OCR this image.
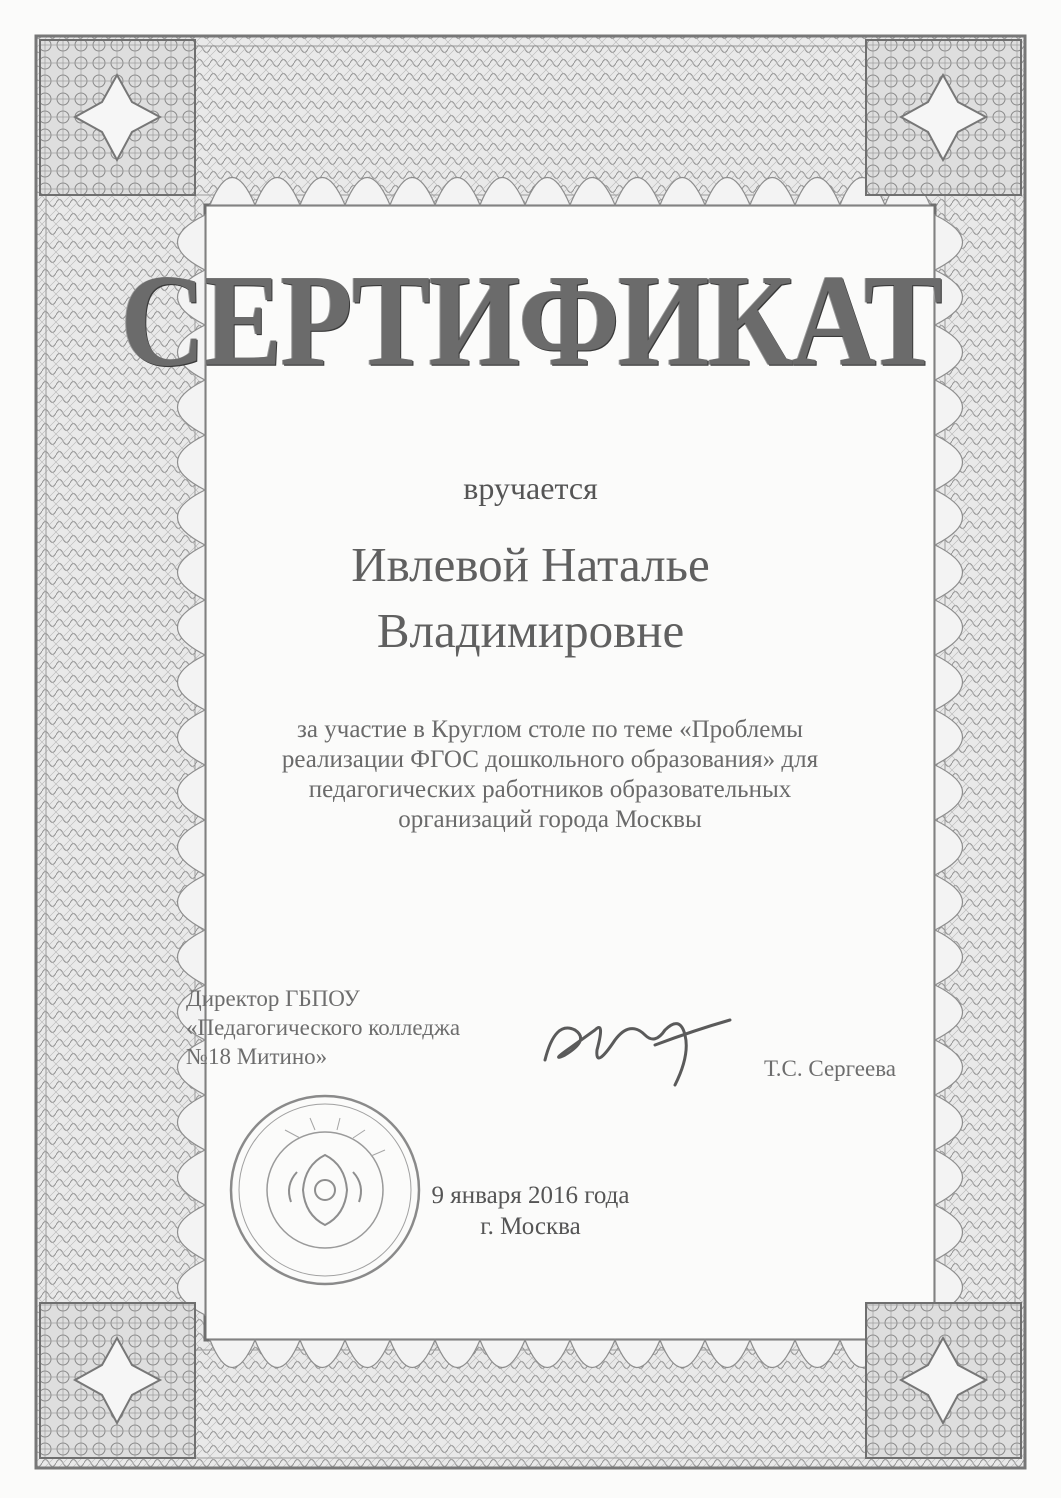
СЕРТИФИКАТ

вручается

Ивлевой Наталье

Владимировне

за участие в Круглом столе по теме «Проблемы
реализации ФГОС дошкольного образования» для
педагогических работников образовательных
организаций города Москвы

Директор ГБПОУ

«Педагогического колледжа

№18 Митино»	Т.С. Сергеева

9 января 2016 года

г. Москва
